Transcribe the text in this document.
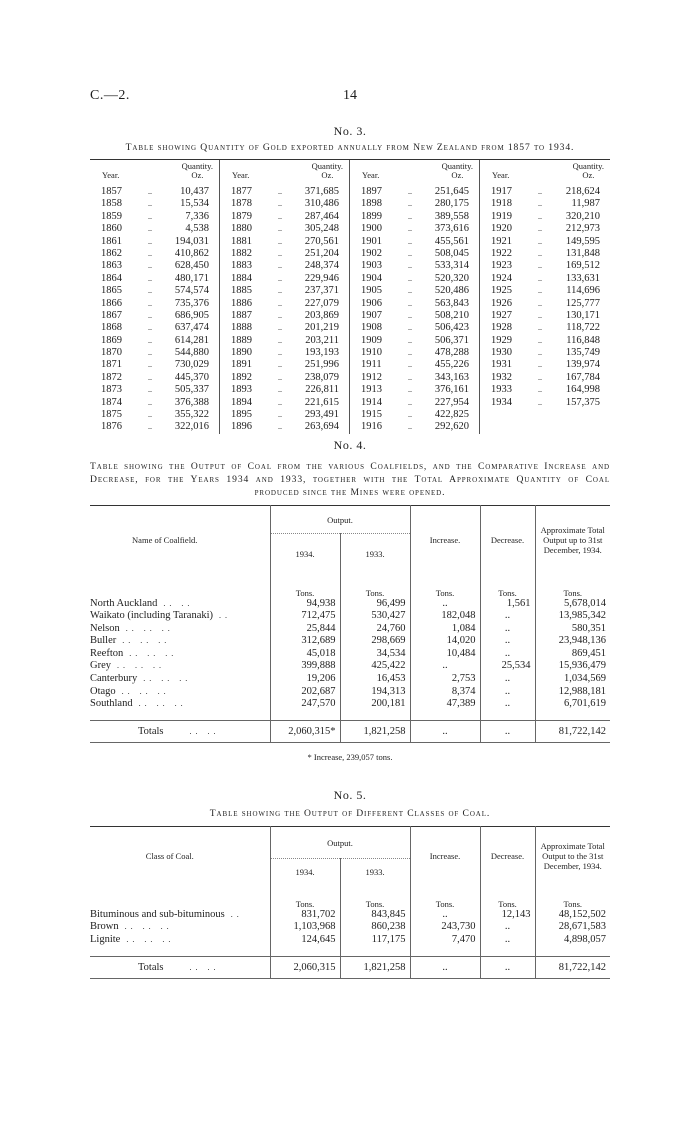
C.—2.	14
No. 3.
Table showing Quantity of Gold exported annually from New Zealand from 1857 to 1934.
Year.
Quantity.
Oz.
1857	..	10,437
1858	..	15,534
1859	..	7,336
1860	..	4,538
1861	..	194,031
1862	..	410,862
1863	..	628,450
1864	..	480,171
1865	..	574,574
1866	..	735,376
1867	..	686,905
1868	..	637,474
1869	..	614,281
1870	..	544,880
1871	..	730,029
1872	..	445,370
1873	..	505,337
1874	..	376,388
1875	..	355,322
1876	..	322,016
Year.
Quantity.
Oz.
1877	..	371,685
1878	..	310,486
1879	..	287,464
1880	..	305,248
1881	..	270,561
1882	..	251,204
1883	..	248,374
1884	..	229,946
1885	..	237,371
1886	..	227,079
1887	..	203,869
1888	..	201,219
1889	..	203,211
1890	..	193,193
1891	..	251,996
1892	..	238,079
1893	..	226,811
1894	..	221,615
1895	..	293,491
1896	..	263,694
Year.
Quantity.
Oz.
1897	..	251,645
1898	..	280,175
1899	..	389,558
1900	..	373,616
1901	..	455,561
1902	..	508,045
1903	..	533,314
1904	..	520,320
1905	..	520,486
1906	..	563,843
1907	..	508,210
1908	..	506,423
1909	..	506,371
1910	..	478,288
1911	..	455,226
1912	..	343,163
1913	..	376,161
1914	..	227,954
1915	..	422,825
1916	..	292,620
Year.
Quantity.
Oz.
1917	..	218,624
1918	..	11,987
1919	..	320,210
1920	..	212,973
1921	..	149,595
1922	..	131,848
1923	..	169,512
1924	..	133,631
1925	..	114,696
1926	..	125,777
1927	..	130,171
1928	..	118,722
1929	..	116,848
1930	..	135,749
1931	..	139,974
1932	..	167,784
1933	..	164,998
1934	..	157,375
No. 4.
Table showing the Output of Coal from the various Coalfields, and the Comparative Increase and Decrease, for the Years 1934 and 1933, together with the Total Approximate Quantity of Coal produced since the Mines were opened.
Name of Coalfield.	Output.		Increase.	Decrease.	Approximate Total Output up to 31st December, 1934.
	1934.	1933.			
	Tons.	Tons.	Tons.	Tons.	Tons.
North Auckland .. ..	94,938	96,499	..	1,561	5,678,014
Waikato (including Taranaki) ..	712,475	530,427	182,048	..	13,985,342
Nelson .. .. ..	25,844	24,760	1,084	..	580,351
Buller .. .. ..	312,689	298,669	14,020	..	23,948,136
Reefton .. .. ..	45,018	34,534	10,484	..	869,451
Grey .. .. ..	399,888	425,422	..	25,534	15,936,479
Canterbury .. .. ..	19,206	16,453	2,753	..	1,034,569
Otago .. .. ..	202,687	194,313	8,374	..	12,988,181
Southland .. .. ..	247,570	200,181	47,389	..	6,701,619

Totals .. ..	2,060,315*	1,821,258	..	..	81,722,142
* Increase, 239,057 tons.
No. 5.
Table showing the Output of Different Classes of Coal.
Class of Coal.	Output.		Increase.	Decrease.	Approximate Total Output to the 31st December, 1934.
	1934.	1933.			
	Tons.	Tons.	Tons.	Tons.	Tons.
Bituminous and sub-bituminous ..	831,702	843,845	..	12,143	48,152,502
Brown .. .. ..	1,103,968	860,238	243,730	..	28,671,583
Lignite .. .. ..	124,645	117,175	7,470	..	4,898,057

Totals .. ..	2,060,315	1,821,258	..	..	81,722,142
